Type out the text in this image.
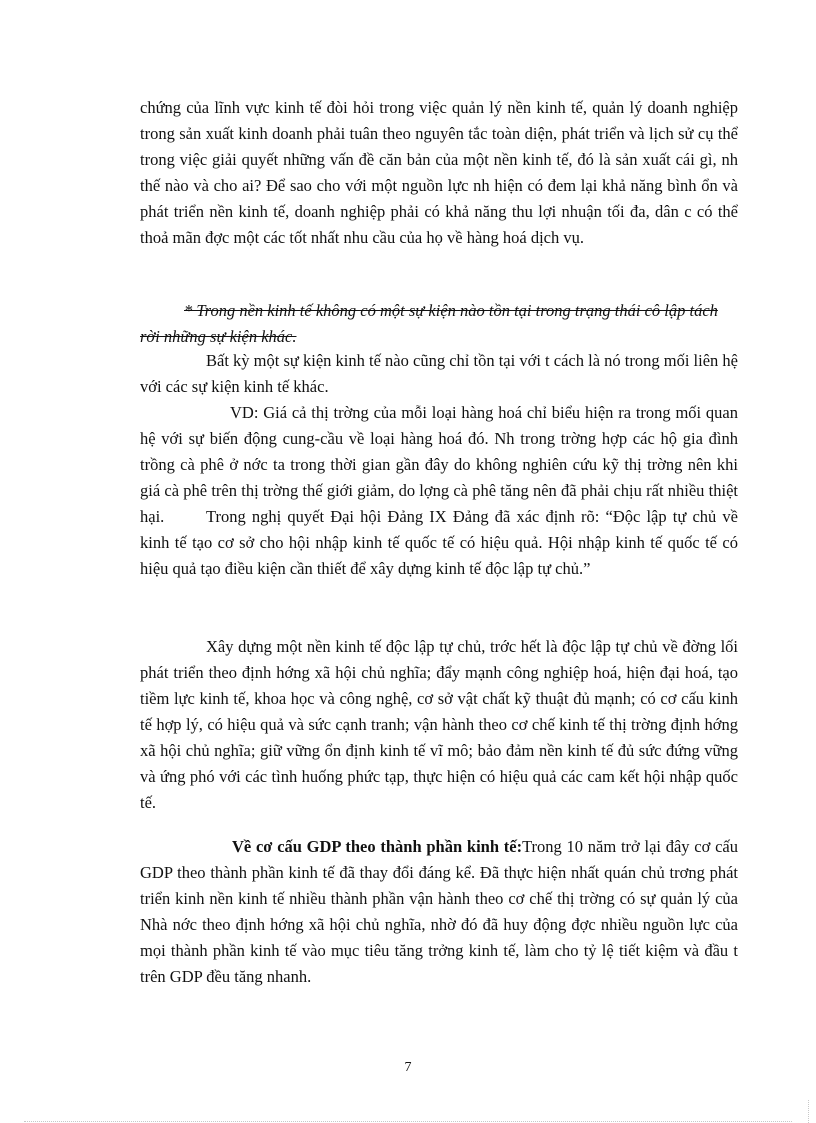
chứng của lĩnh vực kinh tế đòi hỏi trong việc quản lý nền kinh tế, quản lý doanh nghiệp trong sản xuất kinh doanh phải tuân theo nguyên tắc toàn diện, phát triển và lịch sử cụ thể trong việc giải quyết những vấn đề căn bản của một nền kinh tế, đó là sản xuất cái gì, nh thế nào và cho ai? Để sao cho với một nguồn lực nh hiện có đem lại khả năng bình ổn và phát triển nền kinh tế, doanh nghiệp phải có khả năng thu lợi nhuận tối đa, dân c có thể thoả mãn đợc một các tốt nhất nhu cầu của họ về hàng hoá dịch vụ.

* Trong nền kinh tế không có một sự kiện nào tồn tại trong trạng thái cô lập tách rời những sự kiện khác.

Bất kỳ một sự kiện kinh tế nào cũng chỉ tồn tại với t cách là nó trong mối liên hệ với các sự kiện kinh tế khác.

VD: Giá cả thị trờng của mỗi loại hàng hoá chỉ biểu hiện ra trong mối quan hệ với sự biến động cung-cầu về loại hàng hoá đó. Nh trong trờng hợp các hộ gia đình trồng cà phê ở nớc ta trong thời gian gần đây do không nghiên cứu kỹ thị trờng nên khi giá cà phê trên thị trờng thế giới giảm, do lợng cà phê tăng nên đã phải chịu rất nhiều thiệt hại.	Trong nghị quyết Đại hội Đảng IX Đảng đã xác định rõ: “Độc lập tự chủ về kinh tế tạo cơ sở cho hội nhập kinh tế quốc tế có hiệu quả. Hội nhập kinh tế quốc tế có hiệu quả tạo điều kiện cần thiết để xây dựng kinh tế độc lập tự chủ.”

Xây dựng một nền kinh tế độc lập tự chủ, trớc hết là độc lập tự chủ về đờng lối phát triển theo định hớng xã hội chủ nghĩa; đẩy mạnh công nghiệp hoá, hiện đại hoá, tạo tiềm lực kinh tế, khoa học và công nghệ, cơ sở vật chất kỹ thuật đủ mạnh; có cơ cấu kinh tế hợp lý, có hiệu quả và sức cạnh tranh; vận hành theo cơ chế kinh tế thị trờng định hớng xã hội chủ nghĩa; giữ vững ổn định kinh tế vĩ mô; bảo đảm nền kinh tế đủ sức đứng vững và ứng phó với các tình huống phức tạp, thực hiện có hiệu quả các cam kết hội nhập quốc tế.

Về cơ cấu GDP theo thành phần kinh tế:Trong 10 năm trở lại đây cơ cấu GDP theo thành phần kinh tế đã thay đổi đáng kể. Đã thực hiện nhất quán chủ trơng phát triển kinh nền kinh tế nhiều thành phần vận hành theo cơ chế thị trờng có sự quản lý của Nhà nớc theo định hớng xã hội chủ nghĩa, nhờ đó đã huy động đợc nhiều nguồn lực của mọi thành phần kinh tế vào mục tiêu tăng trởng kinh tế, làm cho tỷ lệ tiết kiệm và đầu t trên GDP đều tăng nhanh.

7
